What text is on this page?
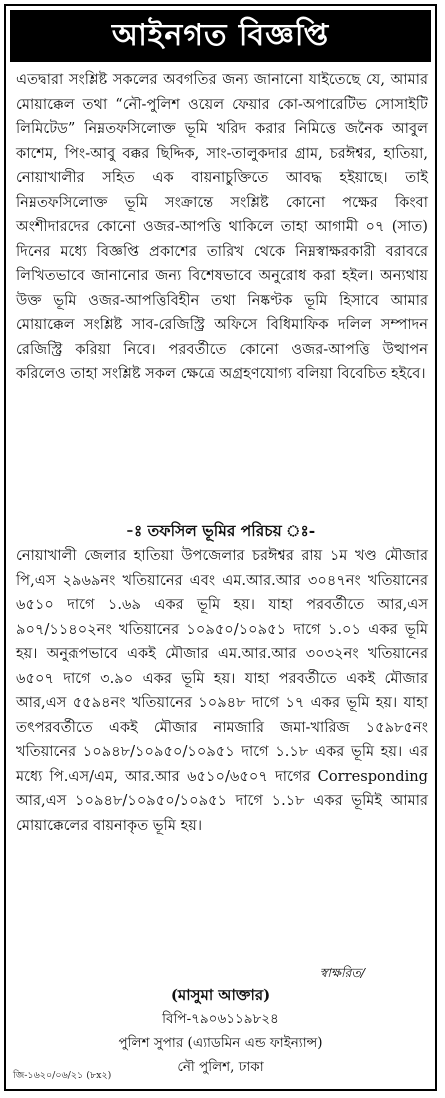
আইনগত বিজ্ঞপ্তি

এতদ্বারা সংশ্লিষ্ট সকলের অবগতির জন্য জানানো যাইতেছে যে, আমার মোয়াক্কেল তথা “নৌ-পুলিশ ওয়েল ফেয়ার কো-অপারেটিভ সোসাইটি লিমিটেড” নিম্নতফসিলোক্ত ভূমি খরিদ করার নিমিত্তে জনৈক আবুল কাশেম, পিং-আবু বক্কর ছিদ্দিক, সাং-তালুকদার গ্রাম, চরঈশ্বর, হাতিয়া, নোয়াখালীর সহিত এক বায়নাচুক্তিতে আবদ্ধ হইয়াছে। তাই নিম্নতফসিলোক্ত ভূমি সংক্রান্তে সংশ্লিষ্ট কোনো পক্ষের কিংবা অংশীদারদের কোনো ওজর-আপত্তি থাকিলে তাহা আগামী ০৭ (সাত) দিনের মধ্যে বিজ্ঞপ্তি প্রকাশের তারিখ থেকে নিম্নস্বাক্ষরকারী বরাবরে লিখিতভাবে জানানোর জন্য বিশেষভাবে অনুরোধ করা হইল। অন্যথায় উক্ত ভূমি ওজর-আপত্তিবিহীন তথা নিষ্কণ্টক ভূমি হিসাবে আমার মোয়াক্কেল সংশ্লিষ্ট সাব-রেজিস্ট্রি অফিসে বিধিমাফিক দলিল সম্পাদন রেজিস্ট্রি করিয়া নিবে। পরবর্তীতে কোনো ওজর-আপত্তি উত্থাপন করিলেও তাহা সংশ্লিষ্ট সকল ক্ষেত্রে অগ্রহণযোগ্য বলিয়া বিবেচিত হইবে।

-ঃ তফসিল ভূমির পরিচয় ঃ-

নোয়াখালী জেলার হাতিয়া উপজেলার চরঈশ্বর রায় ১ম খণ্ড মৌজার পি,এস ২৯৬৯নং খতিয়ানের এবং এম.আর.আর ৩০৪৭নং খতিয়ানের ৬৫১০ দাগে ১.৬৯ একর ভূমি হয়। যাহা পরবর্তীতে আর,এস ৯০৭/১১৪০২নং খতিয়ানের ১০৯৫০/১০৯৫১ দাগে ১.০১ একর ভূমি হয়। অনুরূপভাবে একই মৌজার এম.আর.আর ৩০৩২নং খতিয়ানের ৬৫০৭ দাগে ৩.৯০ একর ভূমি হয়। যাহা পরবর্তীতে একই মৌজার আর,এস ৫৫৯৪নং খতিয়ানের ১০৯৪৮ দাগে ১৭ একর ভূমি হয়। যাহা তৎপরবর্তীতে একই মৌজার নামজারি জমা-খারিজ ১৫৯৮৫নং খতিয়ানের ১০৯৪৮/১০৯৫০/১০৯৫১ দাগে ১.১৮ একর ভূমি হয়। এর মধ্যে পি.এস/এম, আর.আর ৬৫১০/৬৫০৭ দাগের Corresponding আর,এস ১০৯৪৮/১০৯৫০/১০৯৫১ দাগে ১.১৮ একর ভূমিই আমার মোয়াক্কেলের বায়নাকৃত ভূমি হয়।

স্বাক্ষরিত/
(মাসুমা আক্তার)
বিপি-৭৯০৬১১৯৮২৪
পুলিশ সুপার (এ্যাডমিন এন্ড ফাইন্যান্স)
নৌ পুলিশ, ঢাকা
জি-১৬২০/০৬/২১ (৮x২)
